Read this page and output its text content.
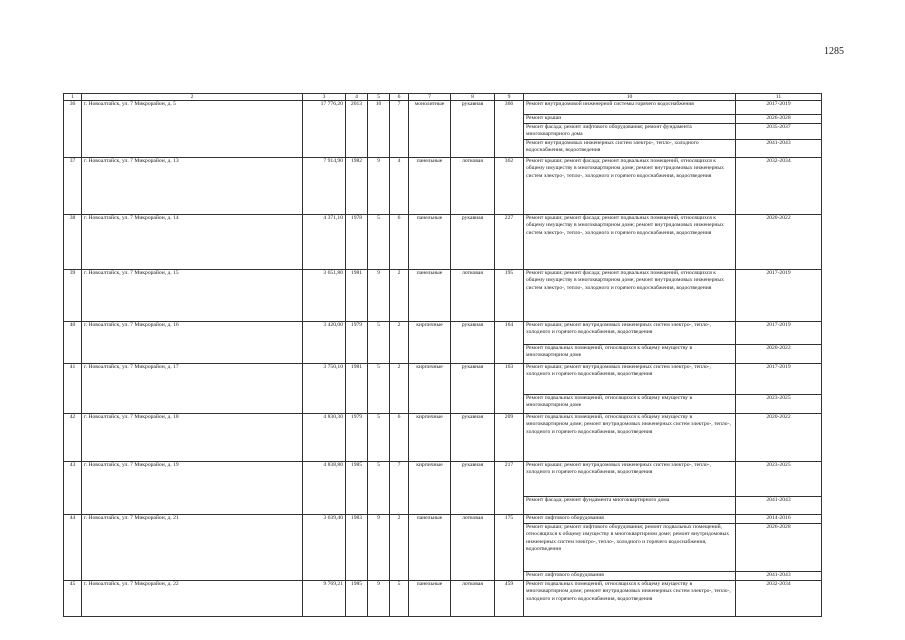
1285
1	2	3	4	5	6	7	8	9	10	11
36	г. Новоалтайск, ул. 7 Микрорайон, д. 5	17 776,20	2013	10	7	монолитные	рукавная	366	Ремонт внутридомовой инженерной системы горячего водоснабжения	2017-2019
									Ремонт крыши	2026-2028
									Ремонт фасада; ремонт лифтового оборудования; ремонт фундамента многоквартирного дома	2035-2037
									Ремонт внутридомовых инженерных систем электро-, тепло-, холодного водоснабжения, водоотведения	2041-2043
37	г. Новоалтайск, ул. 7 Микрорайон, д. 13	7 914,90	1982	9	4	панельные	лотковая	362	Ремонт крыши; ремонт фасада; ремонт подвальных помещений, относящихся к общему имуществу в многоквартирном доме; ремонт внутридомовых инженерных систем электро-, тепло-, холодного и горячего водоснабжения, водоотведения	2032-2034
38	г. Новоалтайск, ул. 7 Микрорайон, д. 14	4 371,10	1978	5	6	панельные	рукавная	227	Ремонт крыши; ремонт фасада; ремонт подвальных помещений, относящихся к общему имуществу в многоквартирном доме; ремонт внутридомовых инженерных систем электро-, тепло-, холодного и горячего водоснабжения, водоотведения	2020-2022
39	г. Новоалтайск, ул. 7 Микрорайон, д. 15	3 651,80	1981	9	2	панельные	лотковая	195	Ремонт крыши; ремонт фасада; ремонт подвальных помещений, относящихся к общему имуществу в многоквартирном доме; ремонт внутридомовых инженерных систем электро-, тепло-, холодного и горячего водоснабжения, водоотведения	2017-2019
40	г. Новоалтайск, ул. 7 Микрорайон, д. 16	3 420,00	1979	5	2	кирпичные	рукавная	164	Ремонт крыши; ремонт внутридомовых инженерных систем электро-, тепло-, холодного и горячего водоснабжения, водоотведения	2017-2019
									Ремонт подвальных помещений, относящихся к общему имуществу в многоквартирном доме	2020-2022
41	г. Новоалтайск, ул. 7 Микрорайон, д. 17	3 750,10	1981	5	2	кирпичные	рукавная	163	Ремонт крыши; ремонт внутридомовых инженерных систем электро-, тепло-, холодного и горячего водоснабжения, водоотведения	2017-2019
									Ремонт подвальных помещений, относящихся к общему имуществу в многоквартирном доме	2023-2025
42	г. Новоалтайск, ул. 7 Микрорайон, д. 18	4 830,30	1979	5	6	кирпичные	рукавная	209	Ремонт подвальных помещений, относящихся к общему имуществу в многоквартирном доме; ремонт внутридомовых инженерных систем электро-, тепло-, холодного и горячего водоснабжения, водоотведения	2020-2022
43	г. Новоалтайск, ул. 7 Микрорайон, д. 19	4 838,80	1985	5	7	кирпичные	рукавная	217	Ремонт крыши; ремонт внутридомовых инженерных систем электро-, тепло-, холодного и горячего водоснабжения, водоотведения	2023-2025
									Ремонт фасада; ремонт фундамента многоквартирного дома	2041-2043
44	г. Новоалтайск, ул. 7 Микрорайон, д. 21	3 639,40	1983	9	2	панельные	лотковая	175	Ремонт лифтового оборудования	2014-2016
									Ремонт крыши; ремонт лифтового оборудования; ремонт подвальных помещений, относящихся к общему имуществу в многоквартирном доме; ремонт внутридомовых инженерных систем электро-, тепло-, холодного и горячего водоснабжения, водоотведения	2026-2028
									Ремонт лифтового оборудования	2041-2043
45	г. Новоалтайск, ул. 7 Микрорайон, д. 22	9 769,21	1985	9	5	панельные	лотковая	459	Ремонт подвальных помещений, относящихся к общему имуществу в многоквартирном доме; ремонт внутридомовых инженерных систем электро-, тепло-, холодного и горячего водоснабжения, водоотведения	2032-2034
